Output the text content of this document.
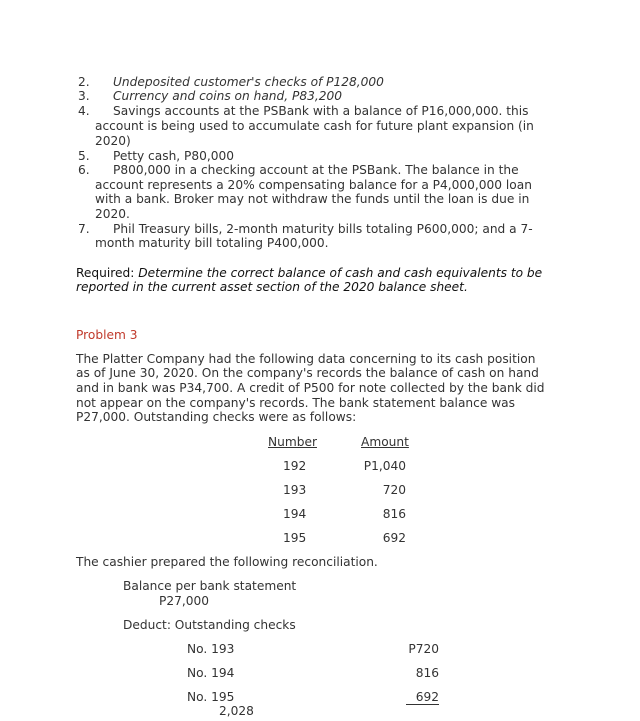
2.	Undeposited customer's checks of P128,000
3.	Currency and coins on hand, P83,200
4.	Savings accounts at the PSBank with a balance of P16,000,000. this
account is being used to accumulate cash for future plant expansion (in
2020)
5.	Petty cash, P80,000
6.	P800,000 in a checking account at the PSBank. The balance in the
account represents a 20% compensating balance for a P4,000,000 loan
with a bank. Broker may not withdraw the funds until the loan is due in
2020.
7.	Phil Treasury bills, 2-month maturity bills totaling P600,000; and a 7-
month maturity bill totaling P400,000.
Required: Determine the correct balance of cash and cash equivalents to be
reported in the current asset section of the 2020 balance sheet.
Problem 3
The Platter Company had the following data concerning to its cash position
as of June 30, 2020. On the company's records the balance of cash on hand
and in bank was P34,700. A credit of P500 for note collected by the bank did
not appear on the company's records. The bank statement balance was
P27,000. Outstanding checks were as follows:
Number	Amount
192	P1,040
193	720
194	816
195	692
The cashier prepared the following reconciliation.
Balance per bank statement
P27,000
Deduct: Outstanding checks
No. 193	P720
No. 194	816
No. 195	692
2,028
